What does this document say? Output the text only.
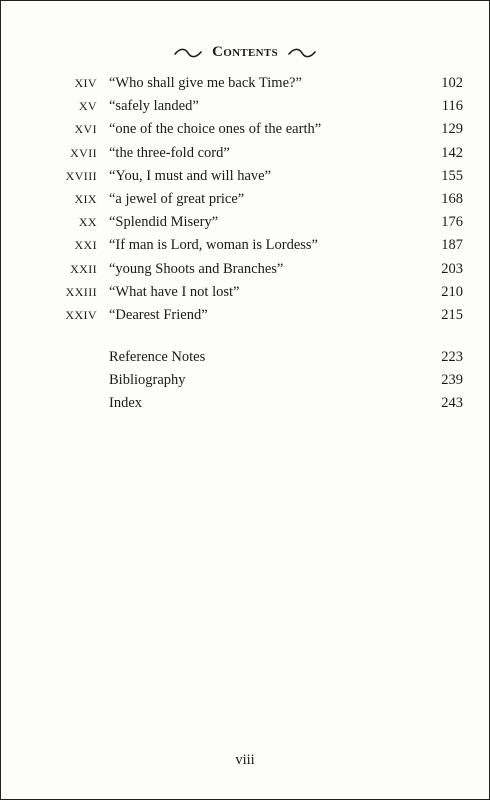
Contents
XIV “Who shall give me back Time?”	102
XV “safely landed”	116
XVI “one of the choice ones of the earth”	129
XVII “the three-fold cord”	142
XVIII “You, I must and will have”	155
XIX “a jewel of great price”	168
XX “Splendid Misery”	176
XXI “If man is Lord, woman is Lordess”	187
XXII “young Shoots and Branches”	203
XXIII “What have I not lost”	210
XXIV “Dearest Friend”	215
Reference Notes	223
Bibliography	239
Index	243
viii
